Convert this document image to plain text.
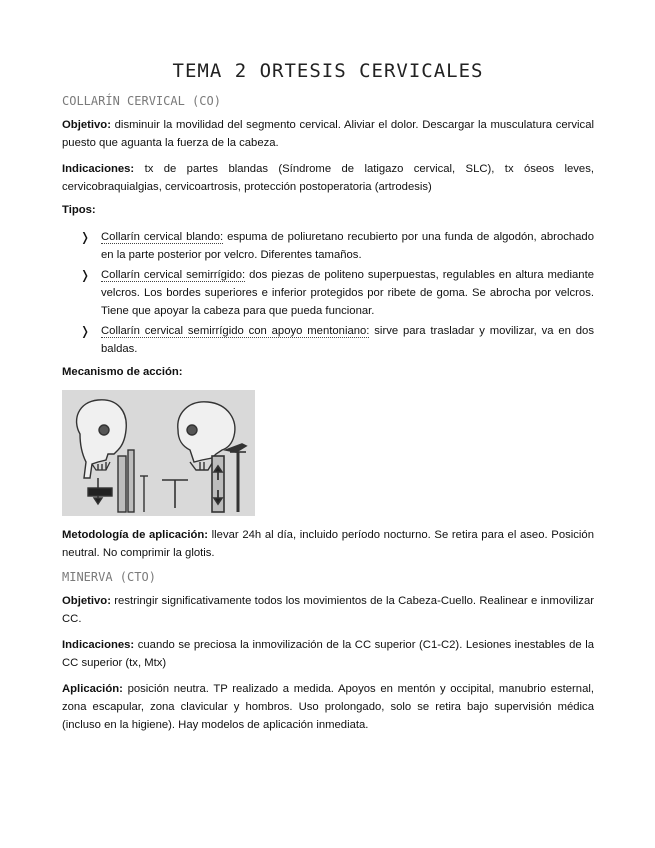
TEMA 2 ORTESIS CERVICALES
COLLARÍN CERVICAL (CO)

Objetivo: disminuir la movilidad del segmento cervical. Aliviar el dolor. Descargar la musculatura cervical puesto que aguanta la fuerza de la cabeza.

Indicaciones: tx de partes blandas (Síndrome de latigazo cervical, SLC), tx óseos leves, cervicobraquialgias, cervicoartrosis, protección postoperatoria (artrodesis)

Tipos:
❭ Collarín cervical blando: espuma de poliuretano recubierto por una funda de algodón, abrochado en la parte posterior por velcro. Diferentes tamaños.
❭ Collarín cervical semirrígido: dos piezas de politeno superpuestas, regulables en altura mediante velcros. Los bordes superiores e inferior protegidos por ribete de goma. Se abrocha por velcros. Tiene que apoyar la cabeza para que pueda funcionar.
❭ Collarín cervical semirrígido con apoyo mentoniano: sirve para trasladar y movilizar, va en dos baldas.
Mecanismo de acción:

Metodología de aplicación: llevar 24h al día, incluido período nocturno. Se retira para el aseo. Posición neutral. No comprimir la glotis.

MINERVA (CTO)

Objetivo: restringir significativamente todos los movimientos de la Cabeza-Cuello. Realinear e inmovilizar CC.

Indicaciones: cuando se preciosa la inmovilización de la CC superior (C1-C2). Lesiones inestables de la CC superior (tx, Mtx)

Aplicación: posición neutra. TP realizado a medida. Apoyos en mentón y occipital, manubrio esternal, zona escapular, zona clavicular y hombros. Uso prolongado, solo se retira bajo supervisión médica (incluso en la higiene). Hay modelos de aplicación inmediata.
